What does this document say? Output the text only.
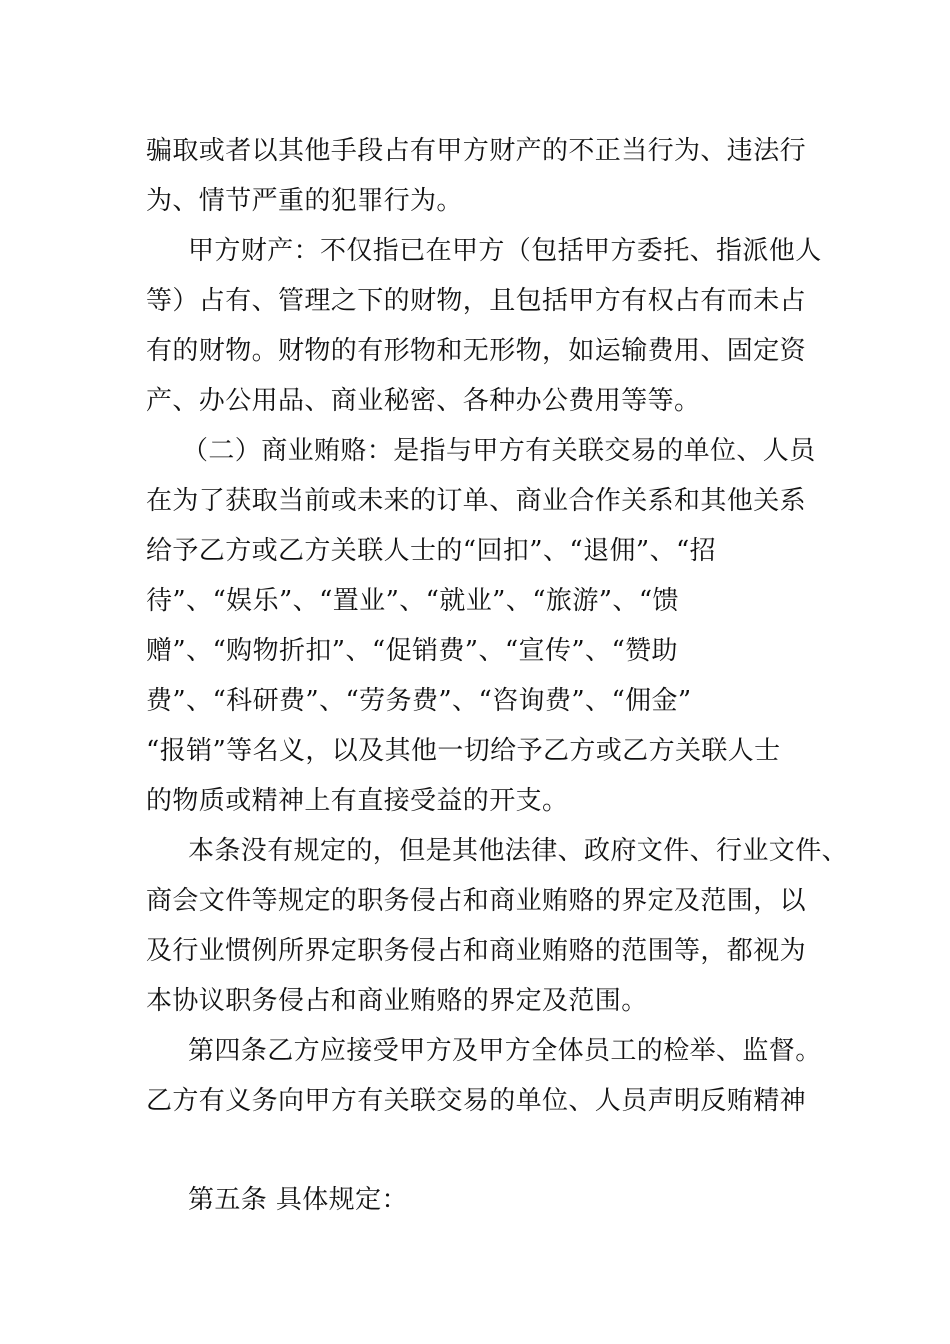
骗取或者以其他手段占有甲方财产的不正当行为、违法行
为、情节严重的犯罪行为。
甲方财产：不仅指已在甲方（包括甲方委托、指派他人
等）占有、管理之下的财物，且包括甲方有权占有而未占
有的财物。财物的有形物和无形物，如运输费用、固定资
产、办公用品、商业秘密、各种办公费用等等。
（二）商业贿赂：是指与甲方有关联交易的单位、人员
在为了获取当前或未来的订单、商业合作关系和其他关系
给予乙方或乙方关联人士的“回扣”、“退佣”、“招
待”、“娱乐”、“置业”、“就业”、“旅游”、“馈
赠”、“购物折扣”、“促销费”、“宣传”、“赞助
费”、“科研费”、“劳务费”、“咨询费”、“佣金”
“报销”等名义，以及其他一切给予乙方或乙方关联人士
的物质或精神上有直接受益的开支。
本条没有规定的，但是其他法律、政府文件、行业文件、
商会文件等规定的职务侵占和商业贿赂的界定及范围，以
及行业惯例所界定职务侵占和商业贿赂的范围等，都视为
本协议职务侵占和商业贿赂的界定及范围。
第四条乙方应接受甲方及甲方全体员工的检举、监督。
乙方有义务向甲方有关联交易的单位、人员声明反贿精神
第五条 具体规定：
